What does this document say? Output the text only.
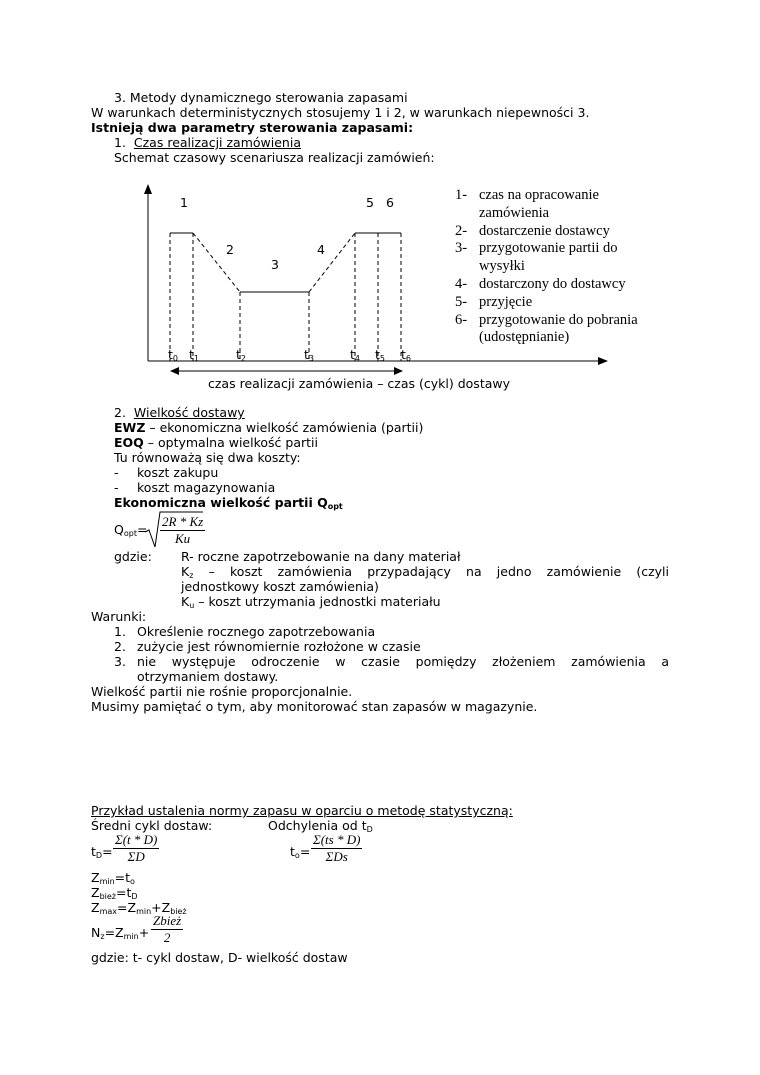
3. Metody dynamicznego sterowania zapasami
W warunkach deterministycznych stosujemy 1 i 2, w warunkach niepewności 3.
Istnieją dwa parametry sterowania zapasami:
1. Czas realizacji zamówienia
Schemat czasowy scenariusza realizacji zamówień:
1
2
3
4
5 6
$t_0$ $t_1$	$t_2$	$t_3$	$t_4$ $t_5$ $t_6$
czas realizacji zamówienia – czas (cykl) dostawy
1- czas na opracowanie
zamówienia
2- dostarczenie dostawcy
3- przygotowanie partii do
wysyłki
4- dostarczony do dostawcy
5- przyjęcie
6- przygotowanie do pobrania
(udostępnianie)
2. Wielkość dostawy
EWZ – ekonomiczna wielkość zamówienia (partii)
EOQ – optymalna wielkość partii
Tu równoważą się dwa koszty:
- koszt zakupu
- koszt magazynowania
Ekonomiczna wielkość partii $Q_{opt}$
$Q_{opt}= \frac{2R * Kz}{Ku}$
gdzie: R- roczne zapotrzebowanie na dany materiał
$K_z$ – koszt zamówienia przypadający na jedno zamówienie (czyli
jednostkowy koszt zamówienia)
$K_u$ – koszt utrzymania jednostki materiału
Warunki:
1. Określenie rocznego zapotrzebowania
2. zużycie jest równomiernie rozłożone w czasie
3. nie występuje odroczenie w czasie pomiędzy złożeniem zamówienia a
otrzymaniem dostawy.
Wielkość partii nie rośnie proporcjonalnie.
Musimy pamiętać o tym, aby monitorować stan zapasów w magazynie.
Przykład ustalenia normy zapasu w oparciu o metodę statystyczną:
Średni cykl dostaw:	Odchylenia od $t_D$
$t_D= \frac{\Sigma(t * D)}{\Sigma D}$	$t_o= \frac{\Sigma(ts * D)}{\text{ΣDs}}$
$Z_{min}=t_o$
$Z_{bież}=t_D$
$Z_{max}=Z_{min}+Z_{bież}$
$N_z=Z_{min}+ \frac{\text{Zbież}}{2}$
gdzie: t- cykl dostaw, D- wielkość dostaw
